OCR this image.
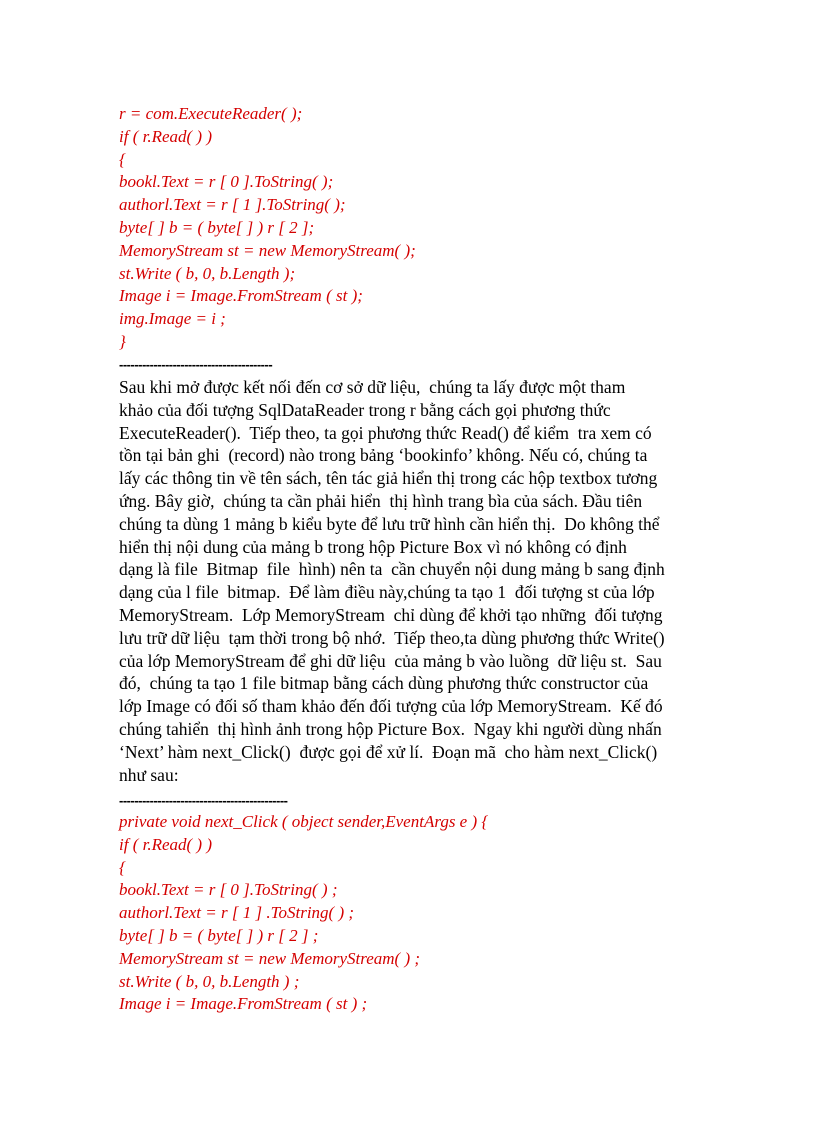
r = com.ExecuteReader( );
if ( r.Read( ) )
{
bookl.Text = r [ 0 ].ToString( );
authorl.Text = r [ 1 ].ToString( );
byte[ ] b = ( byte[ ] ) r [ 2 ];
MemoryStream st = new MemoryStream( );
st.Write ( b, 0, b.Length );
Image i = Image.FromStream ( st );
img.Image = i ;
}
----------------------------------------
Sau khi mở được kết nối đến cơ sở dữ liệu,  chúng ta lấy được một tham
khảo của đối tượng SqlDataReader trong r bằng cách gọi phương thức
ExecuteReader().  Tiếp theo, ta gọi phương thức Read() để kiểm  tra xem có
tồn tại bản ghi  (record) nào trong bảng ‘bookinfo’ không. Nếu có, chúng ta
lấy các thông tin về tên sách, tên tác giả hiển thị trong các hộp textbox tương
ứng. Bây giờ,  chúng ta cần phải hiển  thị hình trang bìa của sách. Đầu tiên
chúng ta dùng 1 mảng b kiểu byte để lưu trữ hình cần hiển thị.  Do không thể
hiển thị nội dung của mảng b trong hộp Picture Box vì nó không có định
dạng là file  Bitmap  file  hình) nên ta  cần chuyển nội dung mảng b sang định
dạng của l file  bitmap.  Để làm điều này,chúng ta tạo 1  đối tượng st của lớp
MemoryStream.  Lớp MemoryStream  chỉ dùng để khởi tạo những  đối tượng
lưu trữ dữ liệu  tạm thời trong bộ nhớ.  Tiếp theo,ta dùng phương thức Write()
của lớp MemoryStream để ghi dữ liệu  của mảng b vào luồng  dữ liệu st.  Sau
đó,  chúng ta tạo 1 file bitmap bằng cách dùng phương thức constructor của
lớp Image có đối số tham khảo đến đối tượng của lớp MemoryStream.  Kế đó
chúng tahiển  thị hình ảnh trong hộp Picture Box.  Ngay khi người dùng nhấn
‘Next’ hàm next_Click()  được gọi để xử lí.  Đoạn mã  cho hàm next_Click()
như sau:
--------------------------------------------
private void next_Click ( object sender,EventArgs e ) {
if ( r.Read( ) )
{
bookl.Text = r [ 0 ].ToString( ) ;
authorl.Text = r [ 1 ] .ToString( ) ;
byte[ ] b = ( byte[ ] ) r [ 2 ] ;
MemoryStream st = new MemoryStream( ) ;
st.Write ( b, 0, b.Length ) ;
Image i = Image.FromStream ( st ) ;
